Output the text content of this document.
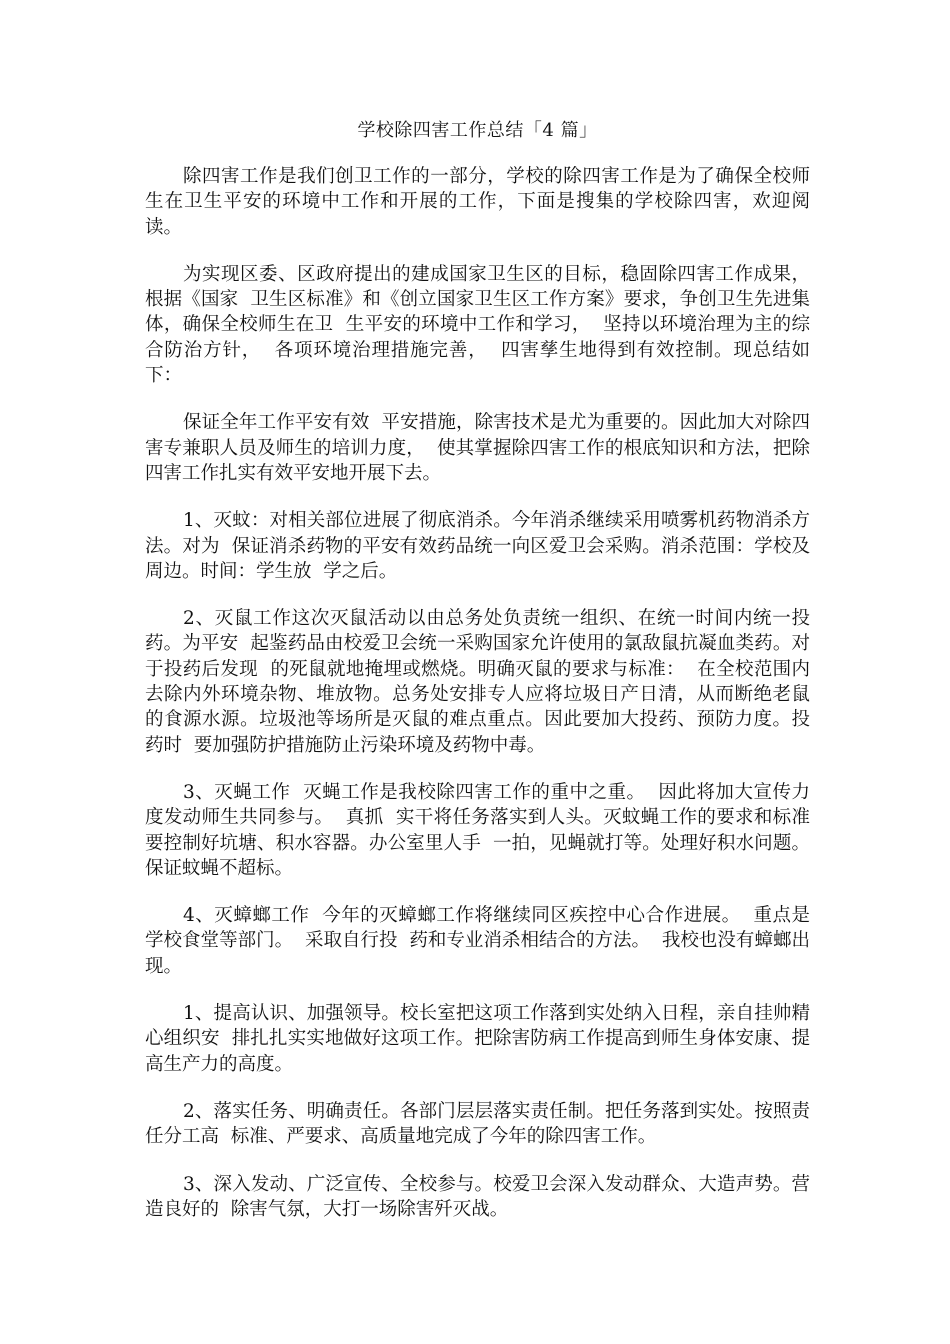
学校除四害工作总结「4 篇」

除四害工作是我们创卫工作的一部分，学校的除四害工作是为了确保全校师生在卫生平安的环境中工作和开展的工作，下面是搜集的学校除四害，欢迎阅读。

为实现区委、区政府提出的建成国家卫生区的目标，稳固除四害工作成果，根据《国家  卫生区标准》和《创立国家卫生区工作方案》要求，争创卫生先进集体，确保全校师生在卫  生平安的环境中工作和学习，  坚持以环境治理为主的综合防治方针，  各项环境治理措施完善，  四害孳生地得到有效控制。现总结如下：

保证全年工作平安有效  平安措施，除害技术是尤为重要的。因此加大对除四害专兼职人员及师生的培训力度，  使其掌握除四害工作的根底知识和方法，把除四害工作扎实有效平安地开展下去。

1、灭蚊：对相关部位进展了彻底消杀。今年消杀继续采用喷雾机药物消杀方法。对为  保证消杀药物的平安有效药品统一向区爱卫会采购。消杀范围：学校及周边。时间：学生放  学之后。

2、灭鼠工作这次灭鼠活动以由总务处负责统一组织、在统一时间内统一投药。为平安  起鉴药品由校爱卫会统一采购国家允许使用的氯敌鼠抗凝血类药。对于投药后发现  的死鼠就地掩埋或燃烧。明确灭鼠的要求与标准：  在全校范围内去除内外环境杂物、堆放物。总务处安排专人应将垃圾日产日清，从而断绝老鼠的食源水源。垃圾池等场所是灭鼠的难点重点。因此要加大投药、预防力度。投药时  要加强防护措施防止污染环境及药物中毒。

3、灭蝇工作  灭蝇工作是我校除四害工作的重中之重。  因此将加大宣传力度发动师生共同参与。  真抓  实干将任务落实到人头。灭蚊蝇工作的要求和标准要控制好坑塘、积水容器。办公室里人手  一拍，见蝇就打等。处理好积水问题。保证蚊蝇不超标。

4、灭蟑螂工作  今年的灭蟑螂工作将继续同区疾控中心合作进展。  重点是学校食堂等部门。  采取自行投  药和专业消杀相结合的方法。  我校也没有蟑螂出现。

1、提高认识、加强领导。校长室把这项工作落到实处纳入日程，亲自挂帅精心组织安  排扎扎实实地做好这项工作。把除害防病工作提高到师生身体安康、提高生产力的高度。

2、落实任务、明确责任。各部门层层落实责任制。把任务落到实处。按照责任分工高  标准、严要求、高质量地完成了今年的除四害工作。

3、深入发动、广泛宣传、全校参与。校爱卫会深入发动群众、大造声势。营造良好的  除害气氛，大打一场除害歼灭战。
